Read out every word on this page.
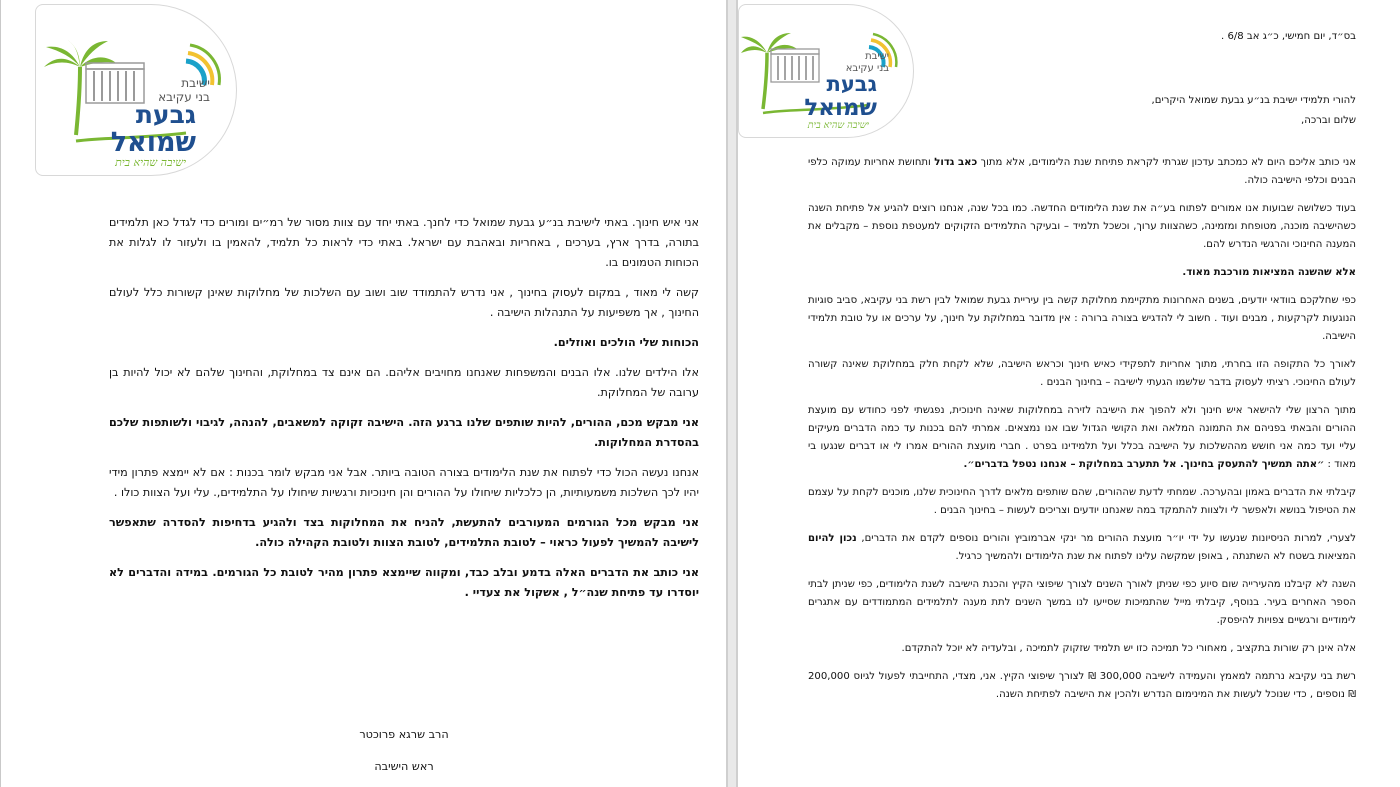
ישיבת
בני עקיבא
גבעת
שמואל
ישיבה שהיא בית

אני איש חינוך. באתי לישיבת בנ״ע גבעת שמואל כדי לחנך. באתי יחד עם צוות מסור של רמ״ים ומורים כדי לגדל כאן תלמידים בתורה, בדרך ארץ, בערכים , באחריות ובאהבת עם ישראל. באתי כדי לראות כל תלמיד, להאמין בו ולעזור לו לגלות את הכוחות הטמונים בו.

קשה לי מאוד , במקום לעסוק בחינוך , אני נדרש להתמודד שוב ושוב עם השלכות של מחלוקות שאינן קשורות כלל לעולם החינוך , אך משפיעות על התנהלות הישיבה .

הכוחות שלי הולכים ואוזלים.

אלו הילדים שלנו. אלו הבנים והמשפחות שאנחנו מחויבים אליהם. הם אינם צד במחלוקת, והחינוך שלהם לא יכול להיות בן ערובה של המחלוקת.

אני מבקש מכם, ההורים, להיות שותפים שלנו ברגע הזה. הישיבה זקוקה למשאבים, להנהה, לגיבוי ולשותפות שלכם בהסדרת המחלוקות.

אנחנו נעשה הכול כדי לפתוח את שנת הלימודים בצורה הטובה ביותר. אבל אני מבקש לומר בכנות : אם לא יימצא פתרון מידי יהיו לכך השלכות משמעותיות, הן כלכליות שיחולו על ההורים והן חינוכיות ורגשיות שיחולו על התלמידים,. עלי ועל הצוות כולו .

אני מבקש מכל הגורמים המעורבים להתעשת, להניח את המחלוקות בצד ולהגיע בדחיפות להסדרה שתאפשר לישיבה להמשיך לפעול כראוי – לטובת התלמידים, לטובת הצוות ולטובת הקהילה כולה.

אני כותב את הדברים האלה בדמע ובלב כבד, ומקווה שיימצא פתרון מהיר לטובת כל הגורמים. במידה והדברים לא יוסדרו עד פתיחת שנה״ל , אשקול את צעדיי .

הרב שרגא פרוכטר
ראש הישיבה
ישיבת
בני עקיבא
גבעת
שמואל
ישיבה שהיא בית

בס״ד, יום חמישי, כ״ג אב 6/8 .

להורי תלמידי ישיבת בנ״ע גבעת שמואל היקרים,

שלום וברכה,

אני כותב אליכם היום לא כמכתב עדכון שגרתי לקראת פתיחת שנת הלימודים, אלא מתוך כאב גדול ותחושת אחריות עמוקה כלפי הבנים וכלפי הישיבה כולה.

בעוד כשלושה שבועות אנו אמורים לפתוח בע״ה את שנת הלימודים החדשה. כמו בכל שנה, אנחנו רוצים להגיע אל פתיחת השנה כשהישיבה מוכנה, מטופחת ומזמינה, כשהצוות ערוך, וכשכל תלמיד – ובעיקר התלמידים הזקוקים למעטפת נוספת – מקבלים את המענה החינוכי והרגשי הנדרש להם.

אלא שהשנה המציאות מורכבת מאוד.

כפי שחלקכם בוודאי יודעים, בשנים האחרונות מתקיימת מחלוקת קשה בין עיריית גבעת שמואל לבין רשת בני עקיבא, סביב סוגיות הנוגעות לקרקעות , מבנים ועוד . חשוב לי להדגיש בצורה ברורה : אין מדובר במחלוקת על חינוך, על ערכים או על טובת תלמידי הישיבה.

לאורך כל התקופה הזו בחרתי, מתוך אחריות לתפקידי כאיש חינוך וכראש הישיבה, שלא לקחת חלק במחלוקת שאינה קשורה לעולם החינוכי. רציתי לעסוק בדבר שלשמו הגעתי לישיבה – בחינוך הבנים .

מתוך הרצון שלי להישאר איש חינוך ולא להפוך את הישיבה לזירה במחלוקות שאינה חינוכית, נפגשתי לפני כחודש עם מועצת ההורים והבאתי בפניהם את התמונה המלאה ואת הקושי הגדול שבו אנו נמצאים. אמרתי להם בכנות עד כמה הדברים מעיקים עליי ועד כמה אני חושש מההשלכות על הישיבה בכלל ועל תלמידינו בפרט . חברי מועצת ההורים אמרו לי או דברים שנגעו בי מאוד : ״אתה תמשיך להתעסק בחינוך. אל תתערב במחלוקת – אנחנו נטפל בדברים״.

קיבלתי את הדברים באמון ובהערכה. שמחתי לדעת שההורים, שהם שותפים מלאים לדרך החינוכית שלנו, מוכנים לקחת על עצמם את הטיפול בנושא ולאפשר לי ולצוות להתמקד במה שאנחנו יודעים וצריכים לעשות – בחינוך הבנים .

לצערי, למרות הניסיונות שנעשו על ידי יו״ר מועצת ההורים מר ינקי אברמוביץ והורים נוספים לקדם את הדברים, נכון להיום המציאות בשטח לא השתנתה , באופן שמקשה עלינו לפתוח את שנת הלימודים ולהמשיך כרגיל.

השנה לא קיבלנו מהעירייה שום סיוע כפי שניתן לאורך השנים לצורך שיפוצי הקיץ והכנת הישיבה לשנת הלימודים, כפי שניתן לבתי הספר האחרים בעיר. בנוסף, קיבלתי מייל שהתמיכות שסייעו לנו במשך השנים לתת מענה לתלמידים המתמודדים עם אתגרים לימודיים ורגשיים צפויות להיפסק.

אלה אינן רק שורות בתקציב , מאחורי כל תמיכה כזו יש תלמיד שזקוק לתמיכה , ובלעדיה לא יוכל להתקדם.

רשת בני עקיבא נרתמה למאמץ והעמידה לישיבה 300,000 ₪ לצורך שיפוצי הקיץ. אני, מצדי, התחייבתי לפעול לגיוס 200,000 ₪ נוספים , כדי שנוכל לעשות את המינימום הנדרש ולהכין את הישיבה לפתיחת השנה.
